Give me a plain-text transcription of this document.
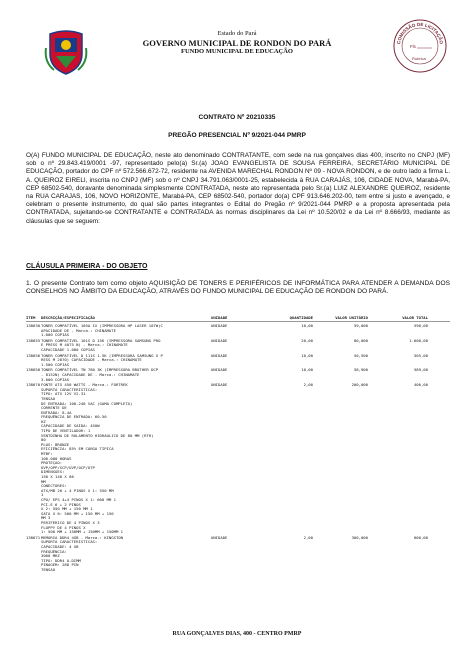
Estado do Pará
GOVERNO MUNICIPAL DE RONDON DO PARÁ
FUNDO MUNICIPAL DE EDUCAÇÃO
COMISSÃO DE LICITAÇÃO
Fls
Rubrica
CONTRATO Nº 20210335
PREGÃO PRESENCIAL Nº 9/2021-044 PMRP
O(A) FUNDO MUNICIPAL DE EDUCAÇÃO, neste ato denominado CONTRATANTE, com sede na rua gonçalves dias 400, inscrito no CNPJ (MF) sob o nº 29.843.419/0001 -97, representado pelo(a) Sr.(a) JOAO EVANGELISTA DE SOUSA FERREIRA, SECRETÁRIO MUNICIPAL DE EDUCAÇÃO, portador do CPF nº 572.566.672-72, residente na AVENIDA MARECHAL RONDON Nº 09 - NOVA RONDON, e de outro lado a firma L. A. QUEIROZ EIRELI, inscrita no CNPJ (MF) sob o nº CNPJ 34.791.063/0001-25, estabelecida à RUA CARAJÁS, 106, CIDADE NOVA, Marabá-PA, CEP 68502-540, doravante denominada simplesmente CONTRATADA, neste ato representada pelo Sr.(a) LUIZ ALEXANDRE QUEIROZ, residente na RUA CARAJAS, 106, NOVO HORIZONTE, Marabá-PA, CEP 68502-540, portador do(a) CPF 913.646.202-00, tem entre si justo e avençado, e celebram o presente instrumento, do qual são partes integrantes o Edital do Pregão nº 9/2021-044 PMRP e a proposta apresentada pela CONTRATADA, sujeitando-se CONTRATANTE e CONTRATADA às normas disciplinares da Lei nº 10.520/02 e da Lei nº 8.666/93, mediante as cláusulas que se seguem:
CLÁUSULA PRIMEIRA - DO OBJETO
1. O presente Contrato tem como objeto AQUISIÇÃO DE TONERS E PERIFÉRICOS DE INFORMÁTICA PARA ATENDER A DEMANDA DOS CONSELHOS NO ÂMBITO DA EDUCAÇÃO, ATRAVÉS DO FUNDO MUNICIPAL DE EDUCAÇÃO DE RONDON DO PARÁ.
ITEM DESCRIÇÃO/ESPECIFICAÇÃO	UNIDADE	QUANTIDADE	VALOR UNITÁRIO	VALOR TOTAL
138630	UNIDADE	10,00	59,000	590,00
TONER COMPATÍVEL 105A IX (IMPRESSORA HP LASER 107W)C
APACIDADE DE - Marca.: CHINAMATE
1.000 CÓPIAS
138655	UNIDADE	20,00	80,000	1.600,00
TONER COMPATÍVEL 101S D 15K (IMPRESSORA SAMSUNG PRO
E PRESS M 4075 N) - Marca.: CHINAMATE
CAPACIDADE 1.000 CÓPIAS
138656	UNIDADE	10,00	50,500	505,00
TONER COMPATÍVEL D 111S 1.5K (IMPRESSORA SAMSUNG X P
RESS M 2070) CAPACIDADE - Marca.: CHINAMATE
1.500 CÓPIAS
138658	UNIDADE	10,00	58,900	589,00
TONER COMPATÍVEL TN 780 3K (IMPRESSORA BROTHER DCP
- 8152N) CAPACIDADE DE - Marca.: CHINAMATE
3.000 CÓPIAS
138670	UNIDADE	2,00	200,000	400,00
FONTE ATX 450 WATTS - Marca.: FORTREK
SUPORTA CARACTERÍSTICAS:
TIPO: ATX 12V V2.31
TENSÃO
DE ENTRADA: 100-240 VAC (GAMA COMPLETA)
CORRENTE DE
ENTRADA: 8-4A
FREQUÊNCIA DE ENTRADA: 60-50
HZ
CAPACIDADE DE SAÍDA: 450W
TIPO DE VENTILADOR: 1
VENTOINHA DE ROLAMENTO HIDRÁULICO DE 80 MM (RTH)
80
PLUS: BRONZE
EFICIÊNCIA: 85% EM CARGA TÍPICA
MTBF:
100.000 HORAS
PROTEÇÃO:
OVP/OPP/SCP/UVP/OCP/OTP
DIMENSÕES:
150 X 140 X 86
MM
CONECTORES:
ATX/MB 20 + 4 PINOS X 1: 550 MM
1
CPU/ EPS 4+4 PINOS X 1: 600 MM 1
PCI-E 6 + 2 PINOS
X 2: 550 MM + 150 MM 1
SATA X 6: 500 MM + 150 MM + 150
MM 3
PERIFÉRICO DE 4 PINOS X 3
FLOPPY DE 4 PINOS X
1: 500 MM + 150MM + 150MM + 150MM 1
138671	UNIDADE	2,00	300,000	600,00
MEMÓRIA DDR4 4GB - Marca.: KINGSTON
SUPORTA CARACTERÍSTICAS:
CAPACIDADE: 4 GB
FREQUÊNCIA:
3000 MHZ
TIPO: DDR4 U-DIMM
PINAGEM: 288 PIN
TENSÃO
RUA GONÇALVES DIAS, 400 - CENTRO PMRP
